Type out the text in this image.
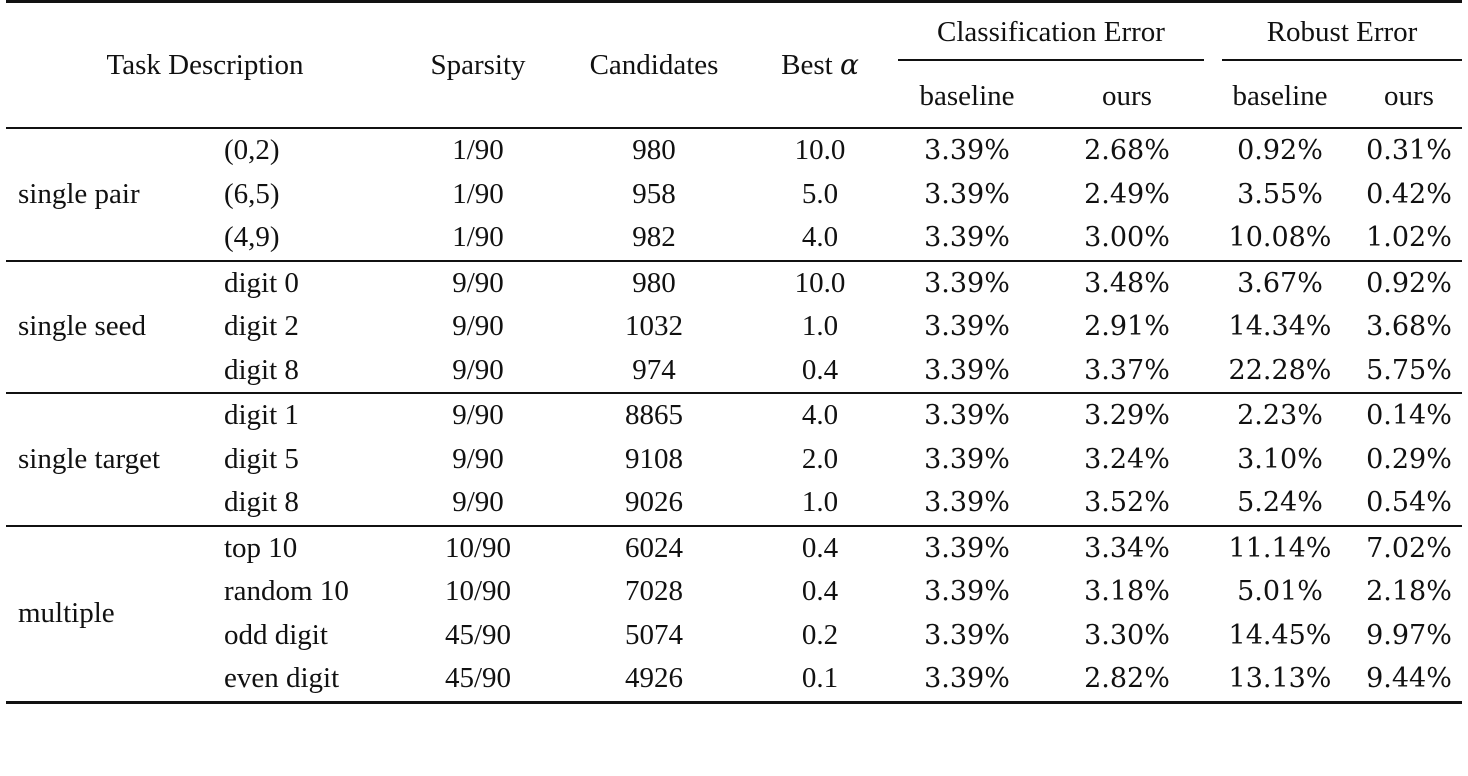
Task Description		Sparsity	Candidates	Best α	Classification Error		Robust Error	

					baseline	ours	baseline	ours
single pair	(0,2)	1/90	980	10.0	3.39%	2.68%	0.92%	0.31%
	(6,5)	1/90	958	5.0	3.39%	2.49%	3.55%	0.42%
	(4,9)	1/90	982	4.0	3.39%	3.00%	10.08%	1.02%
single seed	digit 0	9/90	980	10.0	3.39%	3.48%	3.67%	0.92%
	digit 2	9/90	1032	1.0	3.39%	2.91%	14.34%	3.68%
	digit 8	9/90	974	0.4	3.39%	3.37%	22.28%	5.75%
single target	digit 1	9/90	8865	4.0	3.39%	3.29%	2.23%	0.14%
	digit 5	9/90	9108	2.0	3.39%	3.24%	3.10%	0.29%
	digit 8	9/90	9026	1.0	3.39%	3.52%	5.24%	0.54%
multiple	top 10	10/90	6024	0.4	3.39%	3.34%	11.14%	7.02%
	random 10	10/90	7028	0.4	3.39%	3.18%	5.01%	2.18%
	odd digit	45/90	5074	0.2	3.39%	3.30%	14.45%	9.97%
	even digit	45/90	4926	0.1	3.39%	2.82%	13.13%	9.44%
